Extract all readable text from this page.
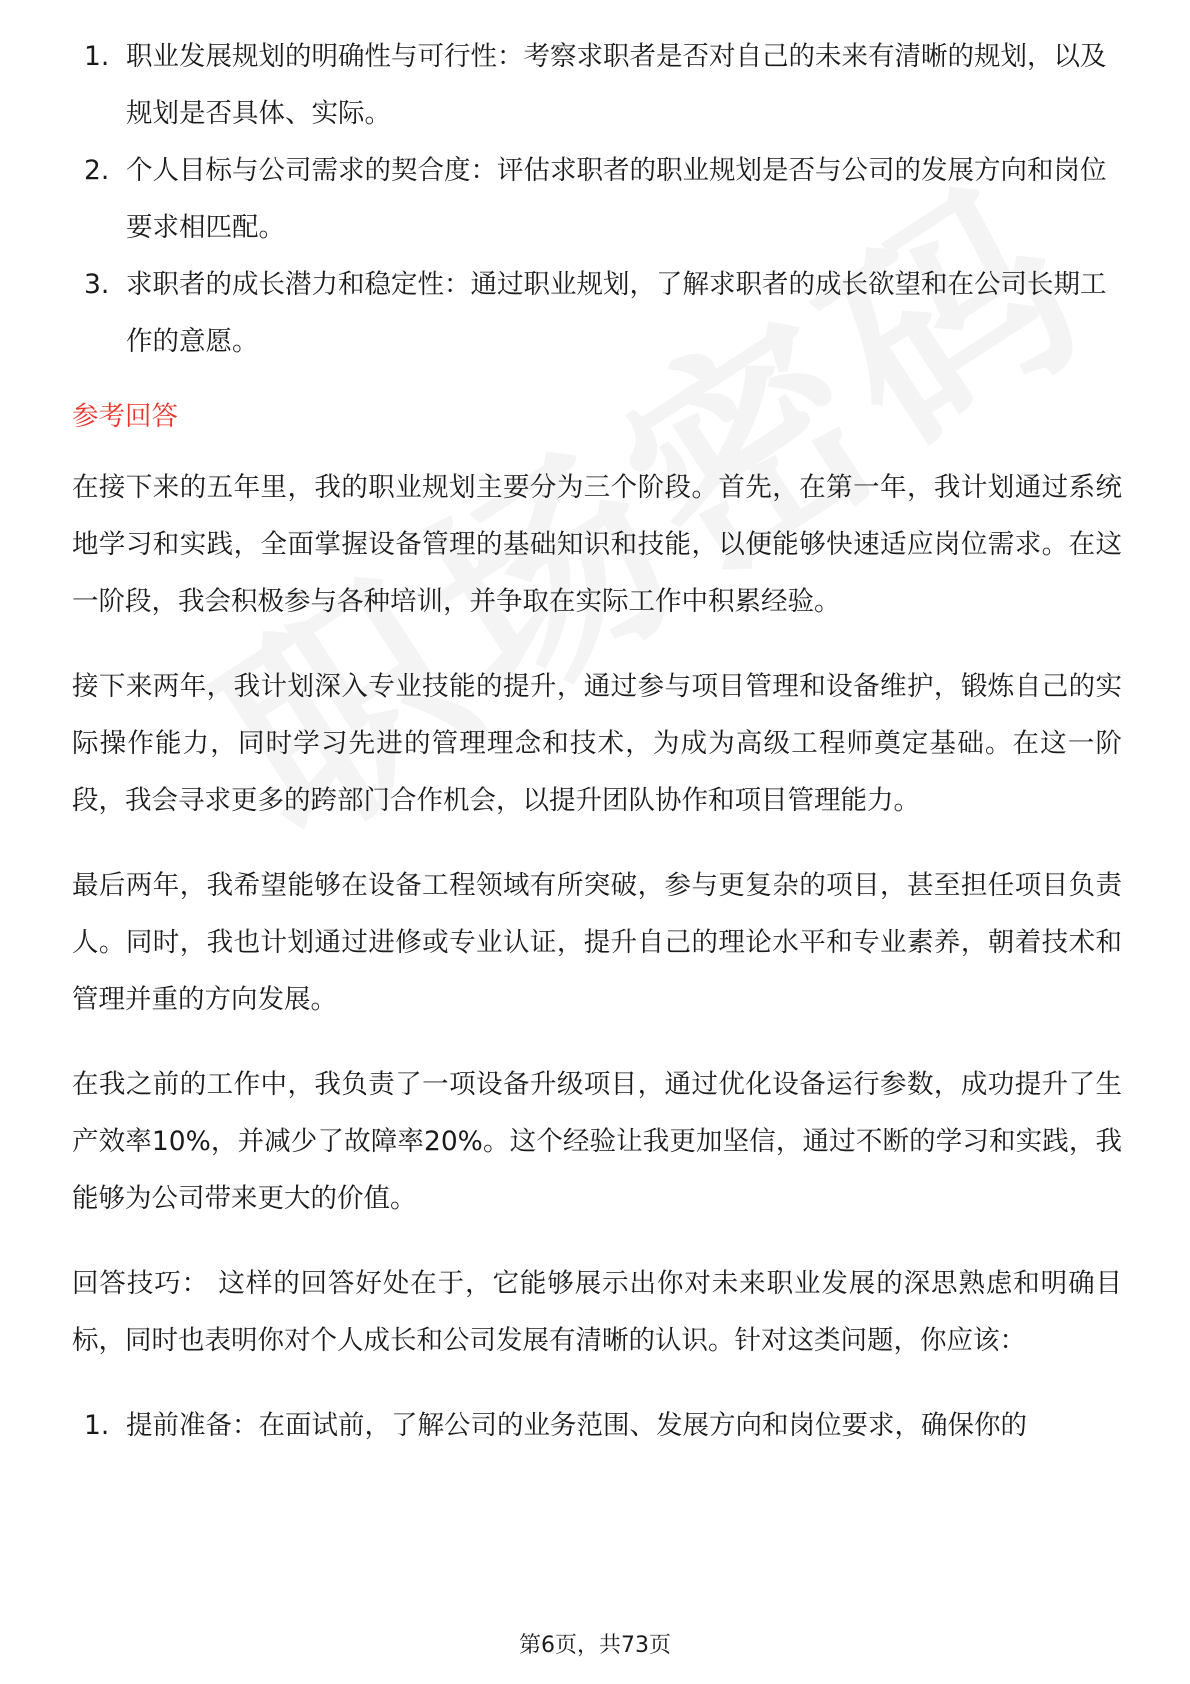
1. 职业发展规划的明确性与可行性：考察求职者是否对自己的未来有清晰的规划，以及规划是否具体、实际。
2. 个人目标与公司需求的契合度：评估求职者的职业规划是否与公司的发展方向和岗位要求相匹配。
3. 求职者的成长潜力和稳定性：通过职业规划，了解求职者的成长欲望和在公司长期工作的意愿。
参考回答

在接下来的五年里，我的职业规划主要分为三个阶段。首先，在第一年，我计划通过系统地学习和实践，全面掌握设备管理的基础知识和技能，以便能够快速适应岗位需求。在这一阶段，我会积极参与各种培训，并争取在实际工作中积累经验。

接下来两年，我计划深入专业技能的提升，通过参与项目管理和设备维护，锻炼自己的实际操作能力，同时学习先进的管理理念和技术，为成为高级工程师奠定基础。在这一阶段，我会寻求更多的跨部门合作机会，以提升团队协作和项目管理能力。

最后两年，我希望能够在设备工程领域有所突破，参与更复杂的项目，甚至担任项目负责人。同时，我也计划通过进修或专业认证，提升自己的理论水平和专业素养，朝着技术和管理并重的方向发展。

在我之前的工作中，我负责了一项设备升级项目，通过优化设备运行参数，成功提升了生产效率10%，并减少了故障率20%。这个经验让我更加坚信，通过不断的学习和实践，我能够为公司带来更大的价值。

回答技巧： 这样的回答好处在于，它能够展示出你对未来职业发展的深思熟虑和明确目标，同时也表明你对个人成长和公司发展有清晰的认识。针对这类问题，你应该：

1. 提前准备：在面试前，了解公司的业务范围、发展方向和岗位要求，确保你的
第6页，共73页
